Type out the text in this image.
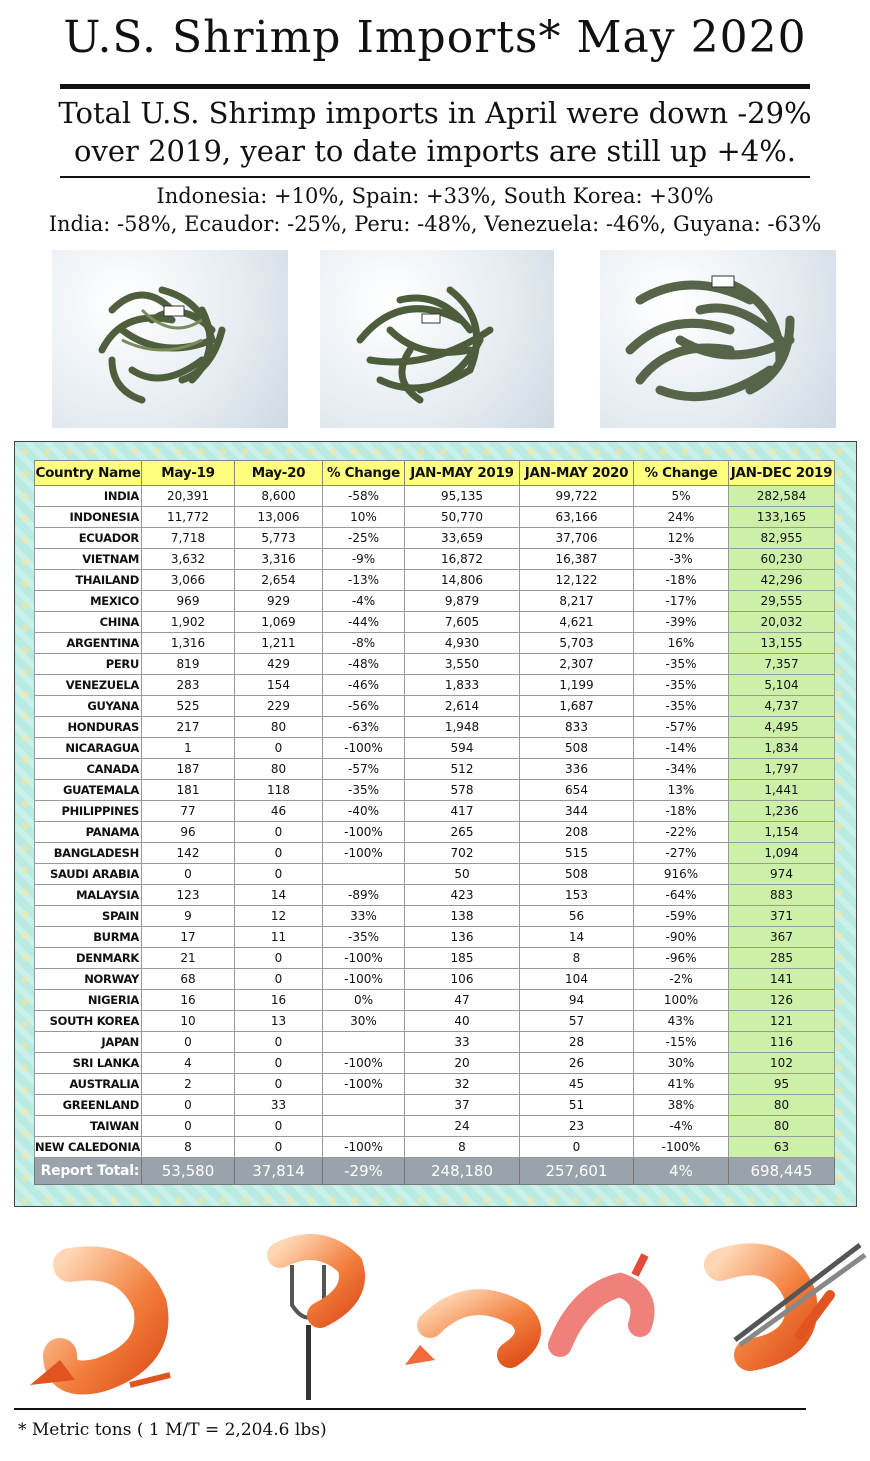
U.S. Shrimp Imports* May 2020
Total U.S. Shrimp imports in April were down -29%
over 2019, year to date imports are still up +4%.
Indonesia: +10%, Spain: +33%, South Korea: +30%
India: -58%, Ecaudor: -25%, Peru: -48%, Venezuela: -46%, Guyana: -63%
Country Name	May-19	May-20	% Change	JAN-MAY 2019	JAN-MAY 2020	% Change	JAN-DEC 2019
INDIA	20,391	8,600	-58%	95,135	99,722	5%	282,584
INDONESIA	11,772	13,006	10%	50,770	63,166	24%	133,165
ECUADOR	7,718	5,773	-25%	33,659	37,706	12%	82,955
VIETNAM	3,632	3,316	-9%	16,872	16,387	-3%	60,230
THAILAND	3,066	2,654	-13%	14,806	12,122	-18%	42,296
MEXICO	969	929	-4%	9,879	8,217	-17%	29,555
CHINA	1,902	1,069	-44%	7,605	4,621	-39%	20,032
ARGENTINA	1,316	1,211	-8%	4,930	5,703	16%	13,155
PERU	819	429	-48%	3,550	2,307	-35%	7,357
VENEZUELA	283	154	-46%	1,833	1,199	-35%	5,104
GUYANA	525	229	-56%	2,614	1,687	-35%	4,737
HONDURAS	217	80	-63%	1,948	833	-57%	4,495
NICARAGUA	1	0	-100%	594	508	-14%	1,834
CANADA	187	80	-57%	512	336	-34%	1,797
GUATEMALA	181	118	-35%	578	654	13%	1,441
PHILIPPINES	77	46	-40%	417	344	-18%	1,236
PANAMA	96	0	-100%	265	208	-22%	1,154
BANGLADESH	142	0	-100%	702	515	-27%	1,094
SAUDI ARABIA	0	0		50	508	916%	974
MALAYSIA	123	14	-89%	423	153	-64%	883
SPAIN	9	12	33%	138	56	-59%	371
BURMA	17	11	-35%	136	14	-90%	367
DENMARK	21	0	-100%	185	8	-96%	285
NORWAY	68	0	-100%	106	104	-2%	141
NIGERIA	16	16	0%	47	94	100%	126
SOUTH KOREA	10	13	30%	40	57	43%	121
JAPAN	0	0		33	28	-15%	116
SRI LANKA	4	0	-100%	20	26	30%	102
AUSTRALIA	2	0	-100%	32	45	41%	95
GREENLAND	0	33		37	51	38%	80
TAIWAN	0	0		24	23	-4%	80
NEW CALEDONIA	8	0	-100%	8	0	-100%	63
Report Total:	53,580	37,814	-29%	248,180	257,601	4%	698,445
* Metric tons ( 1 M/T = 2,204.6 lbs)
